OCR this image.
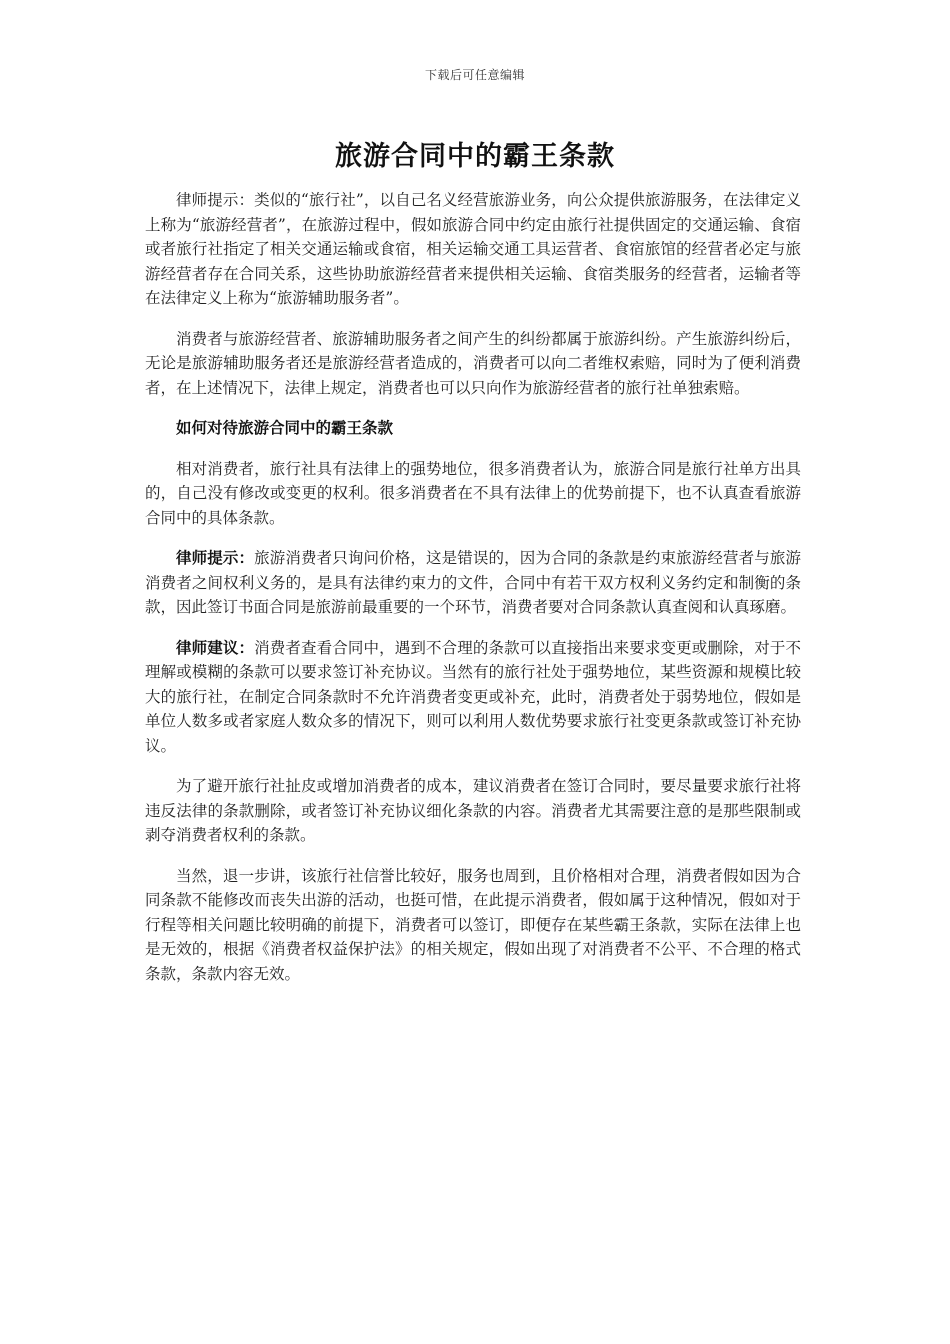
下载后可任意编辑
旅游合同中的霸王条款

律师提示：类似的“旅行社”，以自己名义经营旅游业务，向公众提供旅游服务，在法律定义上称为“旅游经营者”，在旅游过程中，假如旅游合同中约定由旅行社提供固定的交通运输、食宿或者旅行社指定了相关交通运输或食宿，相关运输交通工具运营者、食宿旅馆的经营者必定与旅游经营者存在合同关系，这些协助旅游经营者来提供相关运输、食宿类服务的经营者，运输者等在法律定义上称为“旅游辅助服务者”。

消费者与旅游经营者、旅游辅助服务者之间产生的纠纷都属于旅游纠纷。产生旅游纠纷后，无论是旅游辅助服务者还是旅游经营者造成的，消费者可以向二者维权索赔，同时为了便利消费者，在上述情况下，法律上规定，消费者也可以只向作为旅游经营者的旅行社单独索赔。

如何对待旅游合同中的霸王条款

相对消费者，旅行社具有法律上的强势地位，很多消费者认为，旅游合同是旅行社单方出具的，自己没有修改或变更的权利。很多消费者在不具有法律上的优势前提下，也不认真查看旅游合同中的具体条款。

律师提示：旅游消费者只询问价格，这是错误的，因为合同的条款是约束旅游经营者与旅游消费者之间权利义务的，是具有法律约束力的文件，合同中有若干双方权利义务约定和制衡的条款，因此签订书面合同是旅游前最重要的一个环节，消费者要对合同条款认真查阅和认真琢磨。

律师建议：消费者查看合同中，遇到不合理的条款可以直接指出来要求变更或删除，对于不理解或模糊的条款可以要求签订补充协议。当然有的旅行社处于强势地位，某些资源和规模比较大的旅行社，在制定合同条款时不允许消费者变更或补充，此时，消费者处于弱势地位，假如是单位人数多或者家庭人数众多的情况下，则可以利用人数优势要求旅行社变更条款或签订补充协议。

为了避开旅行社扯皮或增加消费者的成本，建议消费者在签订合同时，要尽量要求旅行社将违反法律的条款删除，或者签订补充协议细化条款的内容。消费者尤其需要注意的是那些限制或剥夺消费者权利的条款。

当然，退一步讲，该旅行社信誉比较好，服务也周到，且价格相对合理，消费者假如因为合同条款不能修改而丧失出游的活动，也挺可惜，在此提示消费者，假如属于这种情况，假如对于行程等相关问题比较明确的前提下，消费者可以签订，即便存在某些霸王条款，实际在法律上也是无效的，根据《消费者权益保护法》的相关规定，假如出现了对消费者不公平、不合理的格式条款，条款内容无效。
